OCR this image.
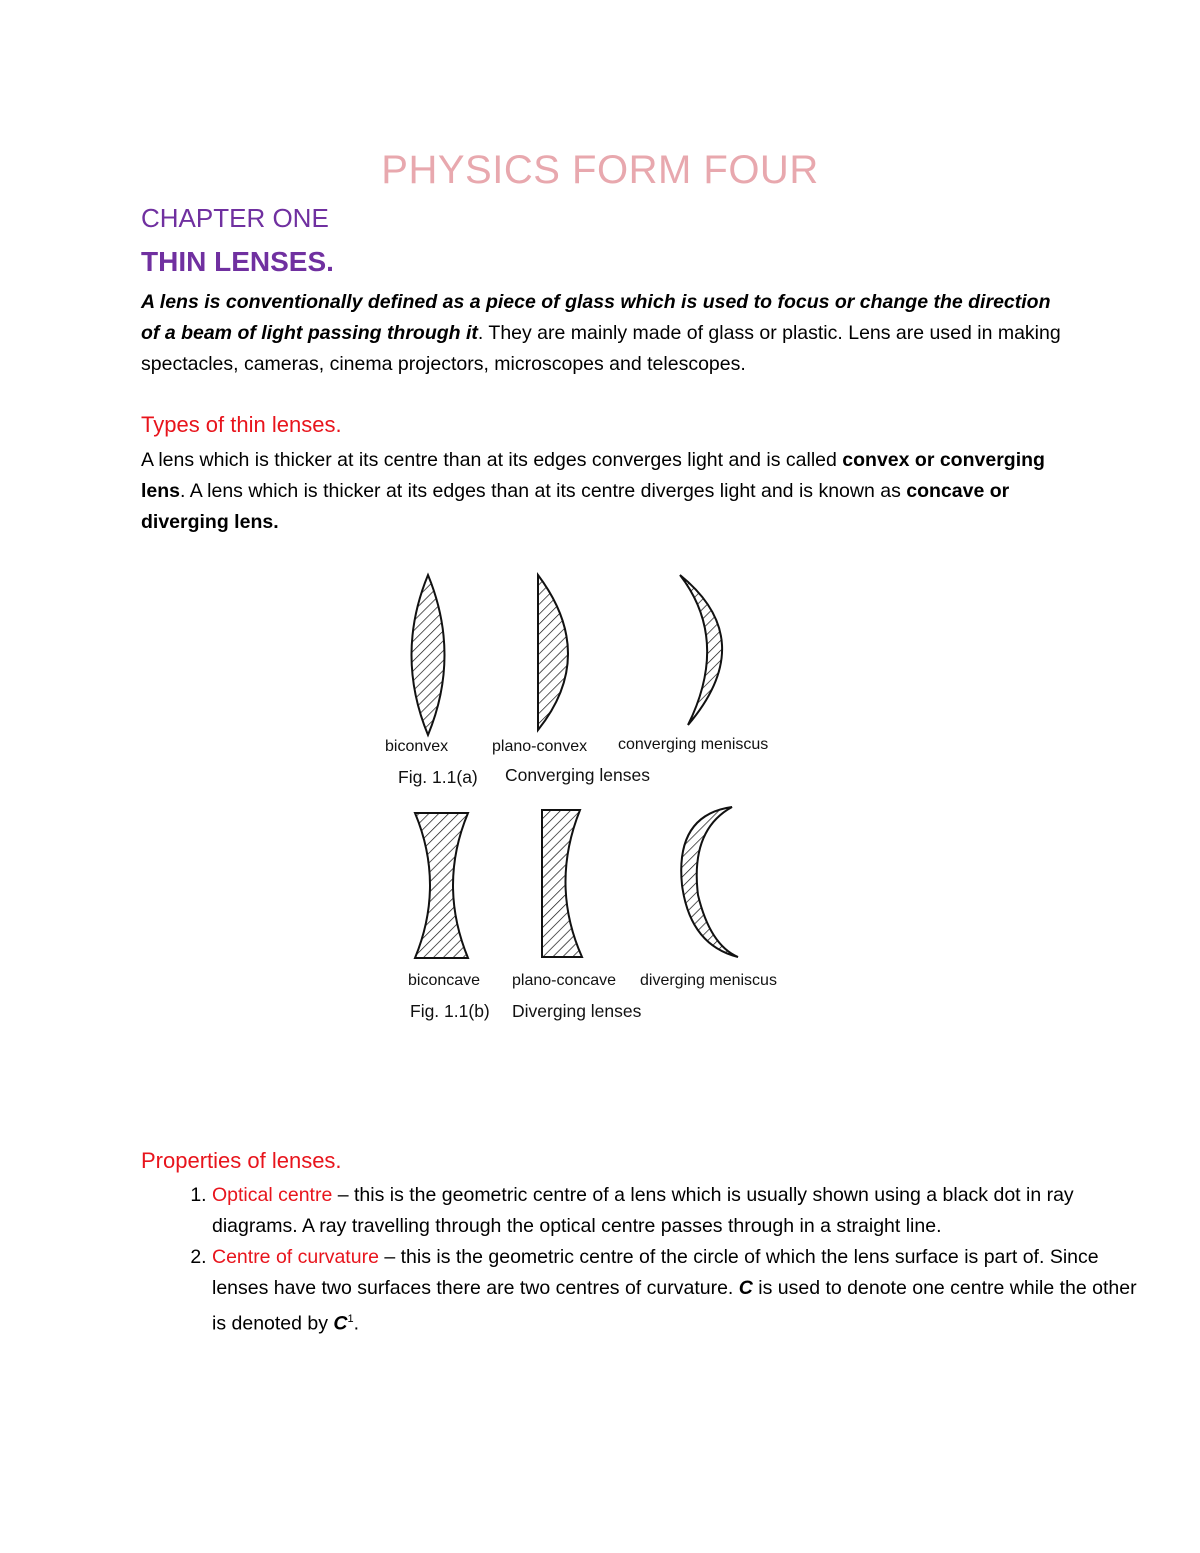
PHYSICS FORM FOUR
CHAPTER ONE
THIN LENSES.
A lens is conventionally defined as a piece of glass which is used to focus or change the direction of a beam of light passing through it. They are mainly made of glass or plastic. Lens are used in making spectacles, cameras, cinema projectors, microscopes and telescopes.
Types of thin lenses.
A lens which is thicker at its centre than at its edges converges light and is called convex or converging lens. A lens which is thicker at its edges than at its centre diverges light and is known as concave or diverging lens.
biconvex	plano-convex converging meniscus
Fig. 1.1(a) Converging lenses
biconcave plano-concave diverging meniscus
Fig. 1.1(b) Diverging lenses
Properties of lenses.
1. Optical centre – this is the geometric centre of a lens which is usually shown using a black dot in ray diagrams. A ray travelling through the optical centre passes through in a straight line.
2. Centre of curvature – this is the geometric centre of the circle of which the lens surface is part of. Since lenses have two surfaces there are two centres of curvature. C is used to denote one centre while the other is denoted by $C^1$.
